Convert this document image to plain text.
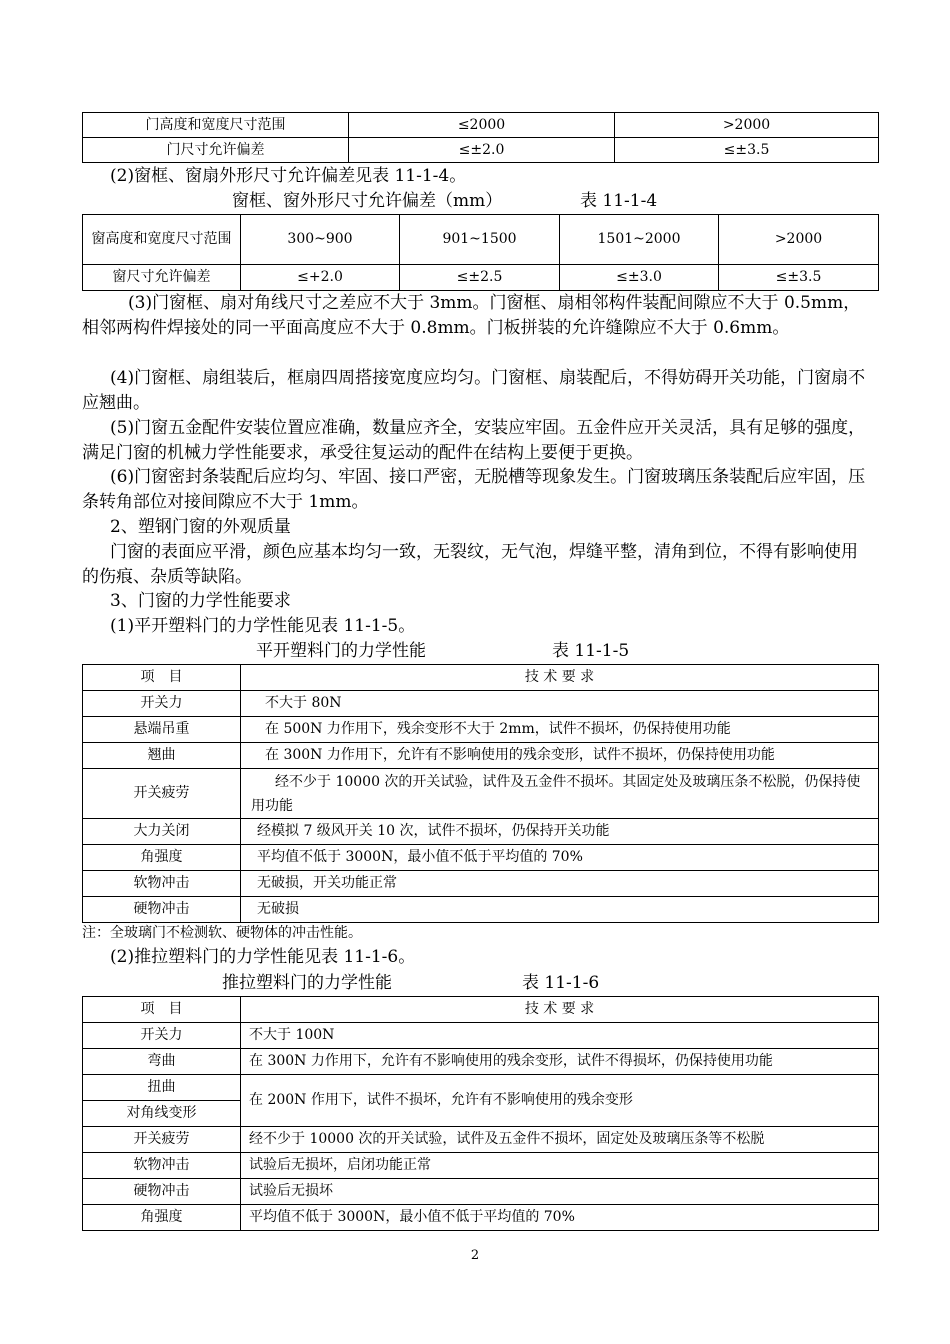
门高度和宽度尺寸范围	≤2000	>2000
门尺寸允许偏差	≤±2.0	≤±3.5

(2)窗框、窗扇外形尺寸允许偏差见表 11-1-4。

窗框、窗外形尺寸允许偏差（mm）	表 11-1-4
窗高度和宽度尺寸范围	300~900	901~1500	1501~2000	>2000
窗尺寸允许偏差	≤+2.0	≤±2.5	≤±3.0	≤±3.5

(3)门窗框、扇对角线尺寸之差应不大于 3mm。门窗框、扇相邻构件装配间隙应不大于 0.5mm，相邻两构件焊接处的同一平面高度应不大于 0.8mm。门板拼装的允许缝隙应不大于 0.6mm。

(4)门窗框、扇组装后，框扇四周搭接宽度应均匀。门窗框、扇装配后，不得妨碍开关功能，门窗扇不应翘曲。

(5)门窗五金配件安装位置应准确，数量应齐全，安装应牢固。五金件应开关灵活，具有足够的强度，满足门窗的机械力学性能要求，承受往复运动的配件在结构上要便于更换。

(6)门窗密封条装配后应均匀、牢固、接口严密，无脱槽等现象发生。门窗玻璃压条装配后应牢固，压条转角部位对接间隙应不大于 1mm。

2、塑钢门窗的外观质量

门窗的表面应平滑，颜色应基本均匀一致，无裂纹，无气泡，焊缝平整，清角到位，不得有影响使用的伤痕、杂质等缺陷。

3、门窗的力学性能要求

(1)平开塑料门的力学性能见表 11-1-5。

平开塑料门的力学性能	表 11-1-5
项　目	技 术 要 求
开关力	不大于 80N
悬端吊重	在 500N 力作用下，残余变形不大于 2mm，试件不损坏，仍保持使用功能
翘曲	在 300N 力作用下，允许有不影响使用的残余变形，试件不损坏，仍保持使用功能
开关疲劳	经不少于 10000 次的开关试验，试件及五金件不损坏。其固定处及玻璃压条不松脱，仍保持使用功能
大力关闭	经模拟 7 级风开关 10 次，试件不损坏，仍保持开关功能
角强度	平均值不低于 3000N，最小值不低于平均值的 70%
软物冲击	无破损，开关功能正常
硬物冲击	无破损
注：全玻璃门不检测软、硬物体的冲击性能。

(2)推拉塑料门的力学性能见表 11-1-6。

推拉塑料门的力学性能	表 11-1-6
项　目	技 术 要 求
开关力	不大于 100N
弯曲	在 300N 力作用下，允许有不影响使用的残余变形，试件不得损坏，仍保持使用功能
扭曲	在 200N 作用下，试件不损坏，允许有不影响使用的残余变形
对角线变形	
开关疲劳	经不少于 10000 次的开关试验，试件及五金件不损坏，固定处及玻璃压条等不松脱
软物冲击	试验后无损坏，启闭功能正常
硬物冲击	试验后无损坏
角强度	平均值不低于 3000N，最小值不低于平均值的 70%
2
